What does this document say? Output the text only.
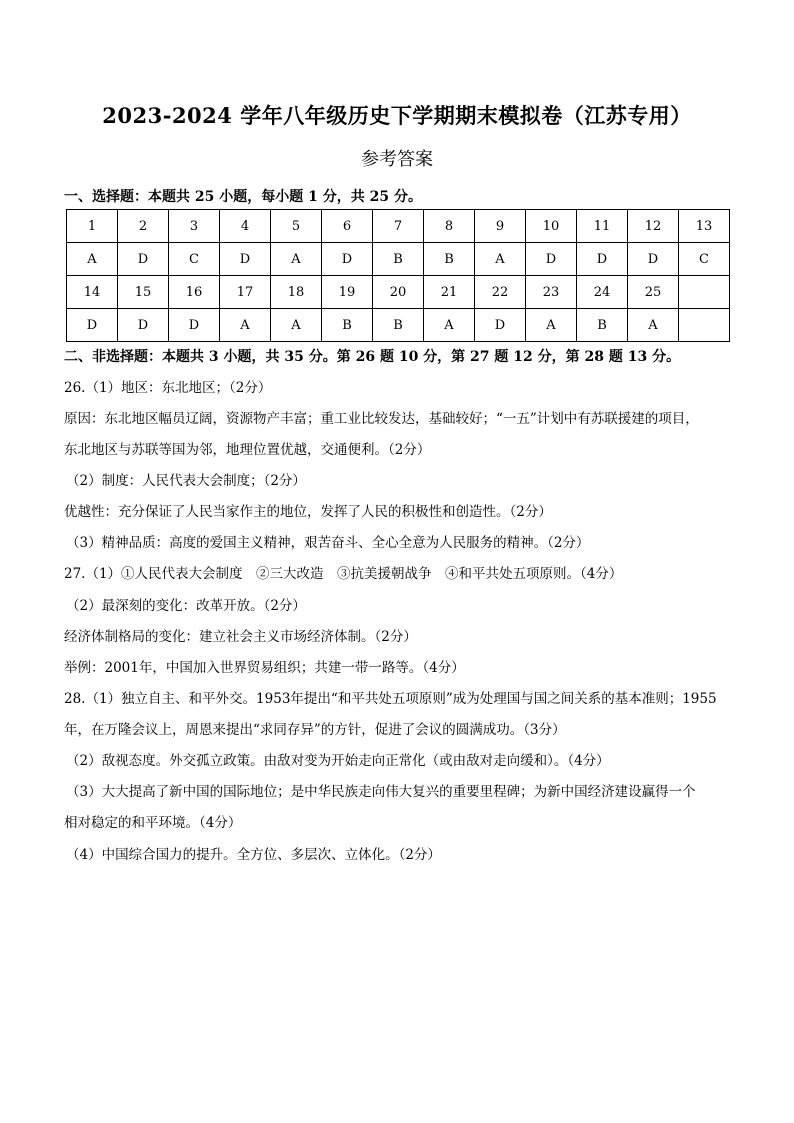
2023-2024 学年八年级历史下学期期末模拟卷（江苏专用）
参考答案
一、选择题：本题共 25 小题，每小题 1 分，共 25 分。
1	2	3	4	5	6	7	8	9	10	11	12	13
A	D	C	D	A	D	B	B	A	D	D	D	C
14	15	16	17	18	19	20	21	22	23	24	25	
D	D	D	A	A	B	B	A	D	A	B	A	
二、非选择题：本题共 3 小题，共 35 分。第 26 题 10 分，第 27 题 12 分，第 28 题 13 分。
26.（1）地区：东北地区；（2分）
原因：东北地区幅员辽阔，资源物产丰富；重工业比较发达，基础较好；“一五”计划中有苏联援建的项目，
东北地区与苏联等国为邻，地理位置优越，交通便利。（2分）
（2）制度：人民代表大会制度；（2分）
优越性：充分保证了人民当家作主的地位，发挥了人民的积极性和创造性。（2分）
（3）精神品质：高度的爱国主义精神，艰苦奋斗、全心全意为人民服务的精神。（2分）
27.（1）①人民代表大会制度　②三大改造　③抗美援朝战争　④和平共处五项原则。（4分）
（2）最深刻的变化：改革开放。（2分）
经济体制格局的变化：建立社会主义市场经济体制。（2分）
举例：2001年，中国加入世界贸易组织；共建一带一路等。（4分）
28.（1）独立自主、和平外交。1953年提出“和平共处五项原则”成为处理国与国之间关系的基本准则；1955
年，在万隆会议上，周恩来提出“求同存异”的方针，促进了会议的圆满成功。（3分）
（2）敌视态度。外交孤立政策。由敌对变为开始走向正常化（或由敌对走向缓和）。（4分）
（3）大大提高了新中国的国际地位；是中华民族走向伟大复兴的重要里程碑；为新中国经济建设赢得一个
相对稳定的和平环境。（4分）
（4）中国综合国力的提升。全方位、多层次、立体化。（2分）
